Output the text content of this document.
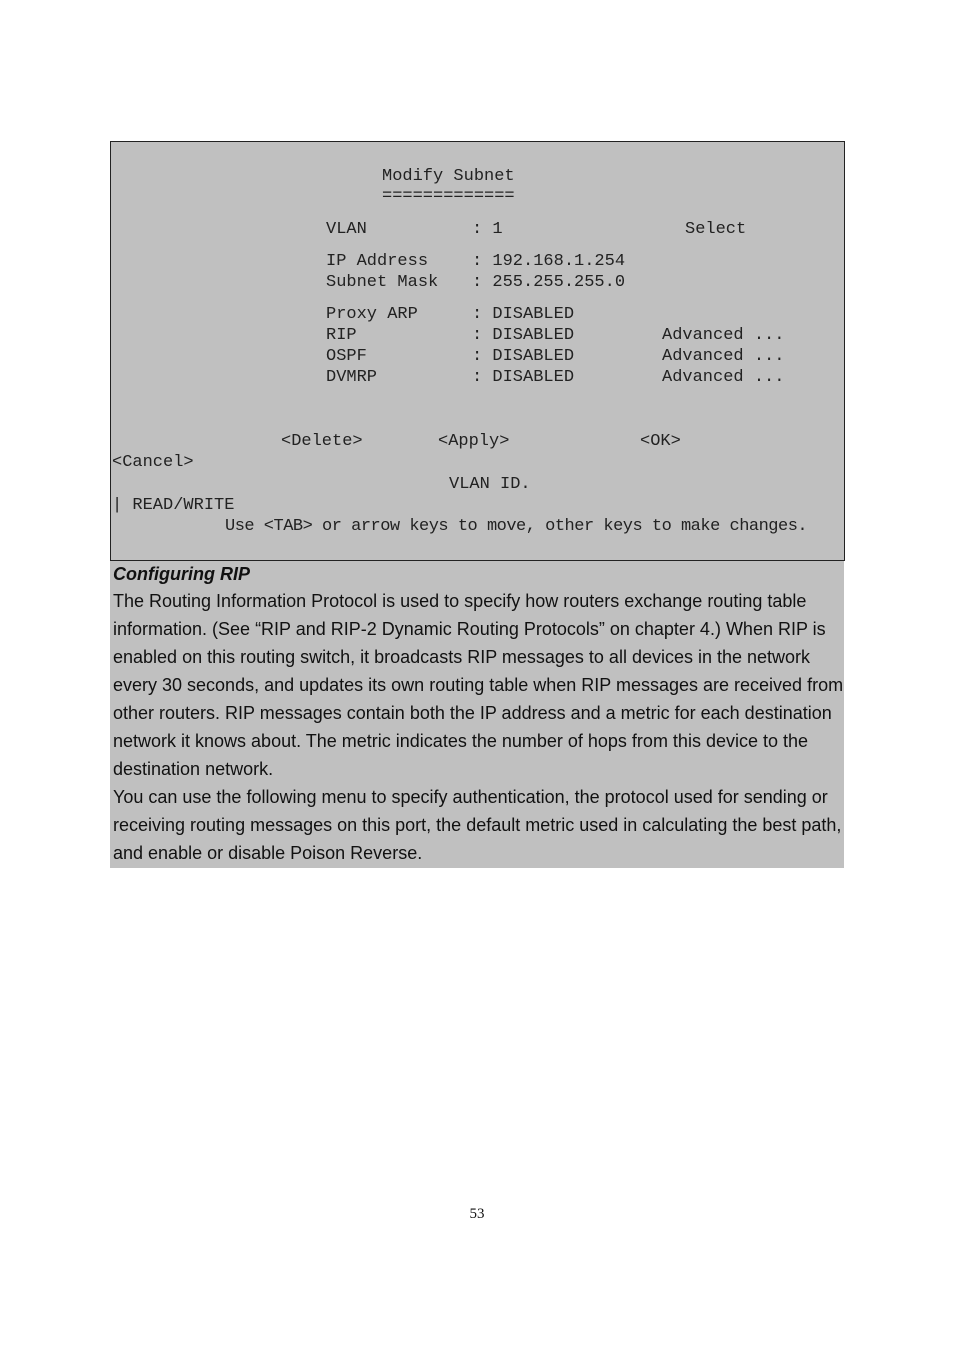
Modify Subnet
=============
VLAN	: 1	Select
IP Address	: 192.168.1.254
Subnet Mask : 255.255.255.0
Proxy ARP	: DISABLED
RIP	: DISABLED	Advanced ...
OSPF	: DISABLED	Advanced ...
DVMRP	: DISABLED	Advanced ...
<Delete>	<Apply>	<OK>
<Cancel>
VLAN ID.
| READ/WRITE
Use <TAB> or arrow keys to move, other keys to make changes.
Configuring RIP

The Routing Information Protocol is used to specify how routers exchange routing table information. (See “RIP and RIP-2 Dynamic Routing Protocols” on chapter 4.) When RIP is enabled on this routing switch, it broadcasts RIP messages to all devices in the network every 30 seconds, and updates its own routing table when RIP messages are received from other routers. RIP messages contain both the IP address and a metric for each destination network it knows about. The metric indicates the number of hops from this device to the destination network.

You can use the following menu to specify authentication, the protocol used for sending or receiving routing messages on this port, the default metric used in calculating the best path, and enable or disable Poison Reverse.

53
